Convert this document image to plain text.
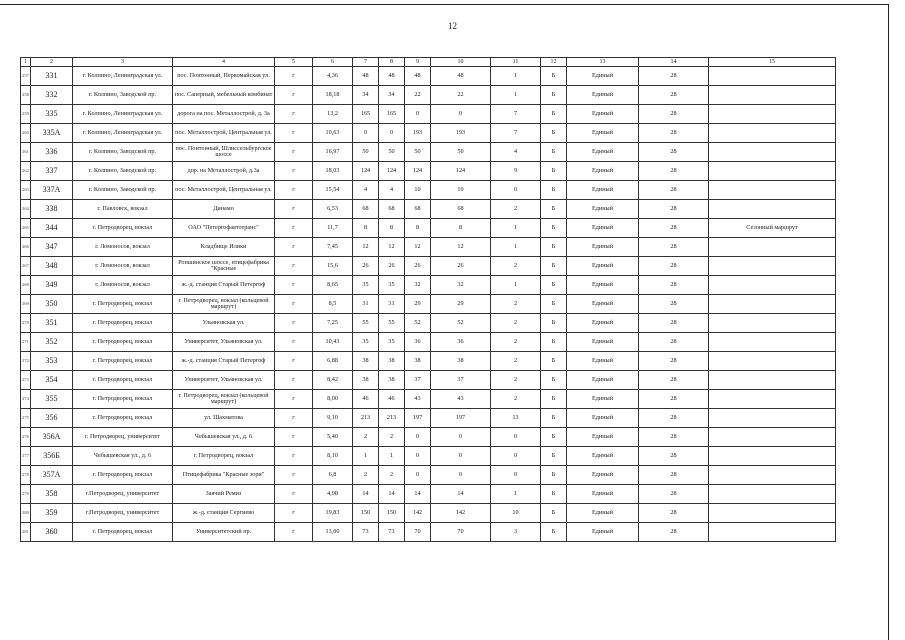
12
1	2	3	4	5	6	7	8	9	10	11	12	13	14	15
257	331	г. Колпино, Ленинградская ул.	пос. Понтонный, Первомайская ул.	г	4,36	48	48	48	48	1	Б	Единый	28	
258	332	г. Колпино, Заводской пр.	пос. Саперный, мебельный комбинат	г	18,18	34	34	22	22	1	Б	Единый	28	
259	335	г. Колпино, Ленинградская ул.	дорога на пос. Металлострой, д. 3а	г	13,2	165	165	0	0	7	Б	Единый	28	
260	335А	г. Колпино, Ленинградская ул.	пос. Металлострой, Центральная ул.	г	10,63	0	0	193	193	7	Б	Единый	28	
261	336	г. Колпино, Заводской пр.	пос. Понтонный, Шлиссельбургское шоссе	г	16,97	50	50	50	50	4	Б	Единый	28	
262	337	г. Колпино, Заводской пр.	дор. на Металлострой, д.3а	г	18,03	124	124	124	124	9	Б	Единый	28	
263	337А	г. Колпино, Заводской пр.	пос. Металлострой, Центральная ул.	г	15,54	4	4	10	10	0	Б	Единый	28	
264	338	г. Павловск, вокзал	Динамо	г	6,53	68	68	68	68	2	Б	Единый	28	
265	344	г. Петродворец, вокзал	ОАО "Петергофавтотранс"	г	11,7	8	8	8	8	1	Б	Единый	28	Сезонный маршрут
266	347	г. Ломоносов, вокзал	Кладбище Илики	г	7,45	12	12	12	12	1	Б	Единый	28	
267	348	г. Ломоносов, вокзал	Ропшинское шоссе, птицефабрика "Красные	г	15,6	26	26	26	26	2	Б	Единый	28	
268	349	г. Ломоносов, вокзал	ж.-д. станция Старый Петергоф	г	8,65	35	35	32	32	1	Б	Единый	28	
269	350	г. Петродворец, вокзал	г. Петродворец, вокзал (кольцевой маршрут)	г	8,5	31	31	29	29	2	Б	Единый	28	
270	351	г. Петродворец, вокзал	Ульяновская ул.	г	7,25	55	55	52	52	2	Б	Единый	28	
271	352	г. Петродворец, вокзал	Университет, Ульяновская ул.	г	10,43	35	35	36	36	2	Б	Единый	28	
272	353	г. Петродворец, вокзал	ж.-д. станция Старый Петергоф	г	6,88	38	38	38	38	2	Б	Единый	28	
273	354	г. Петродворец, вокзал	Университет, Ульяновская ул.	г	8,42	38	38	37	37	2	Б	Единый	28	
274	355	г. Петродворец, вокзал	г. Петродворец, вокзал (кольцевой маршрут)	г	8,00	46	46	43	43	2	Б	Единый	28	
275	356	г. Петродворец, вокзал	ул. Шахматова	г	9,10	213	213	197	197	13	Б	Единый	28	
276	356А	г. Петродворец, университет	Чебышевская ул., д. 6	г	5,40	2	2	0	0	0	Б	Единый	28	
277	356Б	Чебышевская ул., д. 6	г. Петродворец, вокзал	г	8,10	1	1	0	0	0	Б	Единый	28	
278	357А	г. Петродворец, вокзал	Птицефабрика "Красные зори"	г	6,8	2	2	0	0	0	Б	Единый	28	
279	358	г.Петродворец, университет	Заячий Ремиз	г	4,98	14	14	14	14	1	Б	Единый	28	
280	359	г.Петродворец, университет	ж.-д. станция Сергиево	г	19,83	150	150	142	142	10	Б	Единый	28	
281	360	г. Петродворец, вокзал	Университетский пр.	г	13,00	73	73	70	70	3	Б	Единый	28	
